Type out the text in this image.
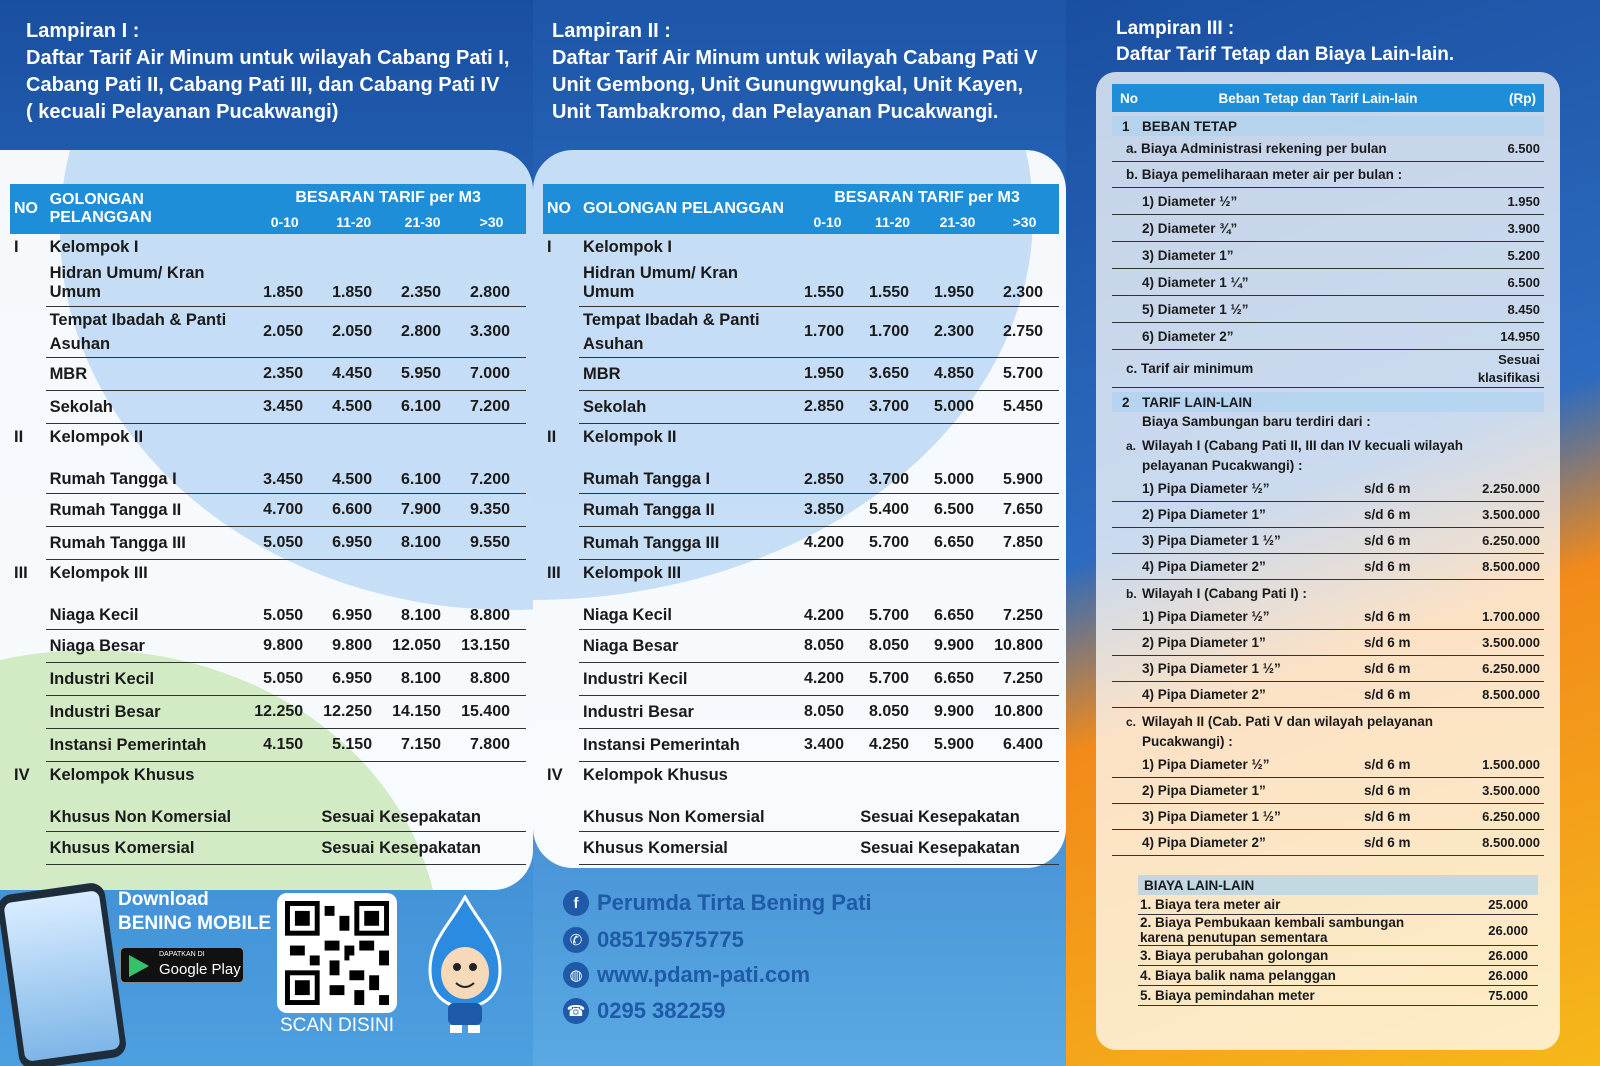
Lampiran I :
Daftar Tarif Air Minum untuk wilayah Cabang Pati I,
Cabang Pati II, Cabang Pati III, dan Cabang Pati IV
( kecuali Pelayanan Pucakwangi)
NO	GOLONGAN PELANGGAN	BESARAN TARIF per M3			
		0-10	11-20	21-30	>30
I	Kelompok I				
	Hidran Umum/ Kran Umum	1.850	1.850	2.350	2.800
	Tempat Ibadah & Panti Asuhan	2.050	2.050	2.800	3.300
	MBR	2.350	4.450	5.950	7.000
	Sekolah	3.450	4.500	6.100	7.200
II	Kelompok II				
	Rumah Tangga I	3.450	4.500	6.100	7.200
	Rumah Tangga II	4.700	6.600	7.900	9.350
	Rumah Tangga III	5.050	6.950	8.100	9.550
III	Kelompok III				
	Niaga Kecil	5.050	6.950	8.100	8.800
	Niaga Besar	9.800	9.800	12.050	13.150
	Industri Kecil	5.050	6.950	8.100	8.800
	Industri Besar	12.250	12.250	14.150	15.400
	Instansi Pemerintah	4.150	5.150	7.150	7.800
IV	Kelompok Khusus				
	Khusus Non Komersial	Sesuai Kesepakatan			
	Khusus Komersial	Sesuai Kesepakatan			
Download
BENING MOBILE
DAPATKAN DI
Google Play
SCAN DISINI
Lampiran II :
Daftar Tarif Air Minum untuk wilayah Cabang Pati V
Unit Gembong, Unit Gunungwungkal, Unit Kayen,
Unit Tambakromo, dan Pelayanan Pucakwangi.
NO	GOLONGAN PELANGGAN	BESARAN TARIF per M3			
		0-10	11-20	21-30	>30
I	Kelompok I				
	Hidran Umum/ Kran Umum	1.550	1.550	1.950	2.300
	Tempat Ibadah & Panti Asuhan	1.700	1.700	2.300	2.750
	MBR	1.950	3.650	4.850	5.700
	Sekolah	2.850	3.700	5.000	5.450
II	Kelompok II				
	Rumah Tangga I	2.850	3.700	5.000	5.900
	Rumah Tangga II	3.850	5.400	6.500	7.650
	Rumah Tangga III	4.200	5.700	6.650	7.850
III	Kelompok III				
	Niaga Kecil	4.200	5.700	6.650	7.250
	Niaga Besar	8.050	8.050	9.900	10.800
	Industri Kecil	4.200	5.700	6.650	7.250
	Industri Besar	8.050	8.050	9.900	10.800
	Instansi Pemerintah	3.400	4.250	5.900	6.400
IV	Kelompok Khusus				
	Khusus Non Komersial	Sesuai Kesepakatan			
	Khusus Komersial	Sesuai Kesepakatan			
f Perumda Tirta Bening Pati
✆ 085179575775
◍ www.pdam-pati.com
☎ 0295 382259
Lampiran III :
Daftar Tarif Tetap dan Biaya Lain-lain.
No	Beban Tetap dan Tarif Lain-lain	(Rp)
1 BEBAN TETAP
a. Biaya Administrasi rekening per bulan	6.500
b. Biaya pemeliharaan meter air per bulan :
1) Diameter ½”	1.950
2) Diameter ¾”	3.900
3) Diameter 1”	5.200
4) Diameter 1 ¼”	6.500
5) Diameter 1 ½”	8.450
6) Diameter 2”	14.950
c. Tarif air minimum
Sesuai
klasifikasi
2 TARIF LAIN-LAIN
Biaya Sambungan baru terdiri dari :
a. Wilayah I (Cabang Pati II, III dan IV kecuali wilayah
pelayanan Pucakwangi) :
1) Pipa Diameter ½”	s/d 6 m	2.250.000
2) Pipa Diameter 1”	s/d 6 m	3.500.000
3) Pipa Diameter 1 ½”	s/d 6 m	6.250.000
4) Pipa Diameter 2”	s/d 6 m	8.500.000
b. Wilayah I (Cabang Pati I) :
1) Pipa Diameter ½”	s/d 6 m	1.700.000
2) Pipa Diameter 1”	s/d 6 m	3.500.000
3) Pipa Diameter 1 ½”	s/d 6 m	6.250.000
4) Pipa Diameter 2”	s/d 6 m	8.500.000
c. Wilayah II (Cab. Pati V dan wilayah pelayanan
Pucakwangi) :
1) Pipa Diameter ½”	s/d 6 m	1.500.000
2) Pipa Diameter 1”	s/d 6 m	3.500.000
3) Pipa Diameter 1 ½”	s/d 6 m	6.250.000
4) Pipa Diameter 2”	s/d 6 m	8.500.000
BIAYA LAIN-LAIN
1. Biaya tera meter air	25.000
2. Biaya Pembukaan kembali sambungan karena penutupan sementara	26.000
3. Biaya perubahan golongan	26.000
4. Biaya balik nama pelanggan	26.000
5. Biaya pemindahan meter	75.000
